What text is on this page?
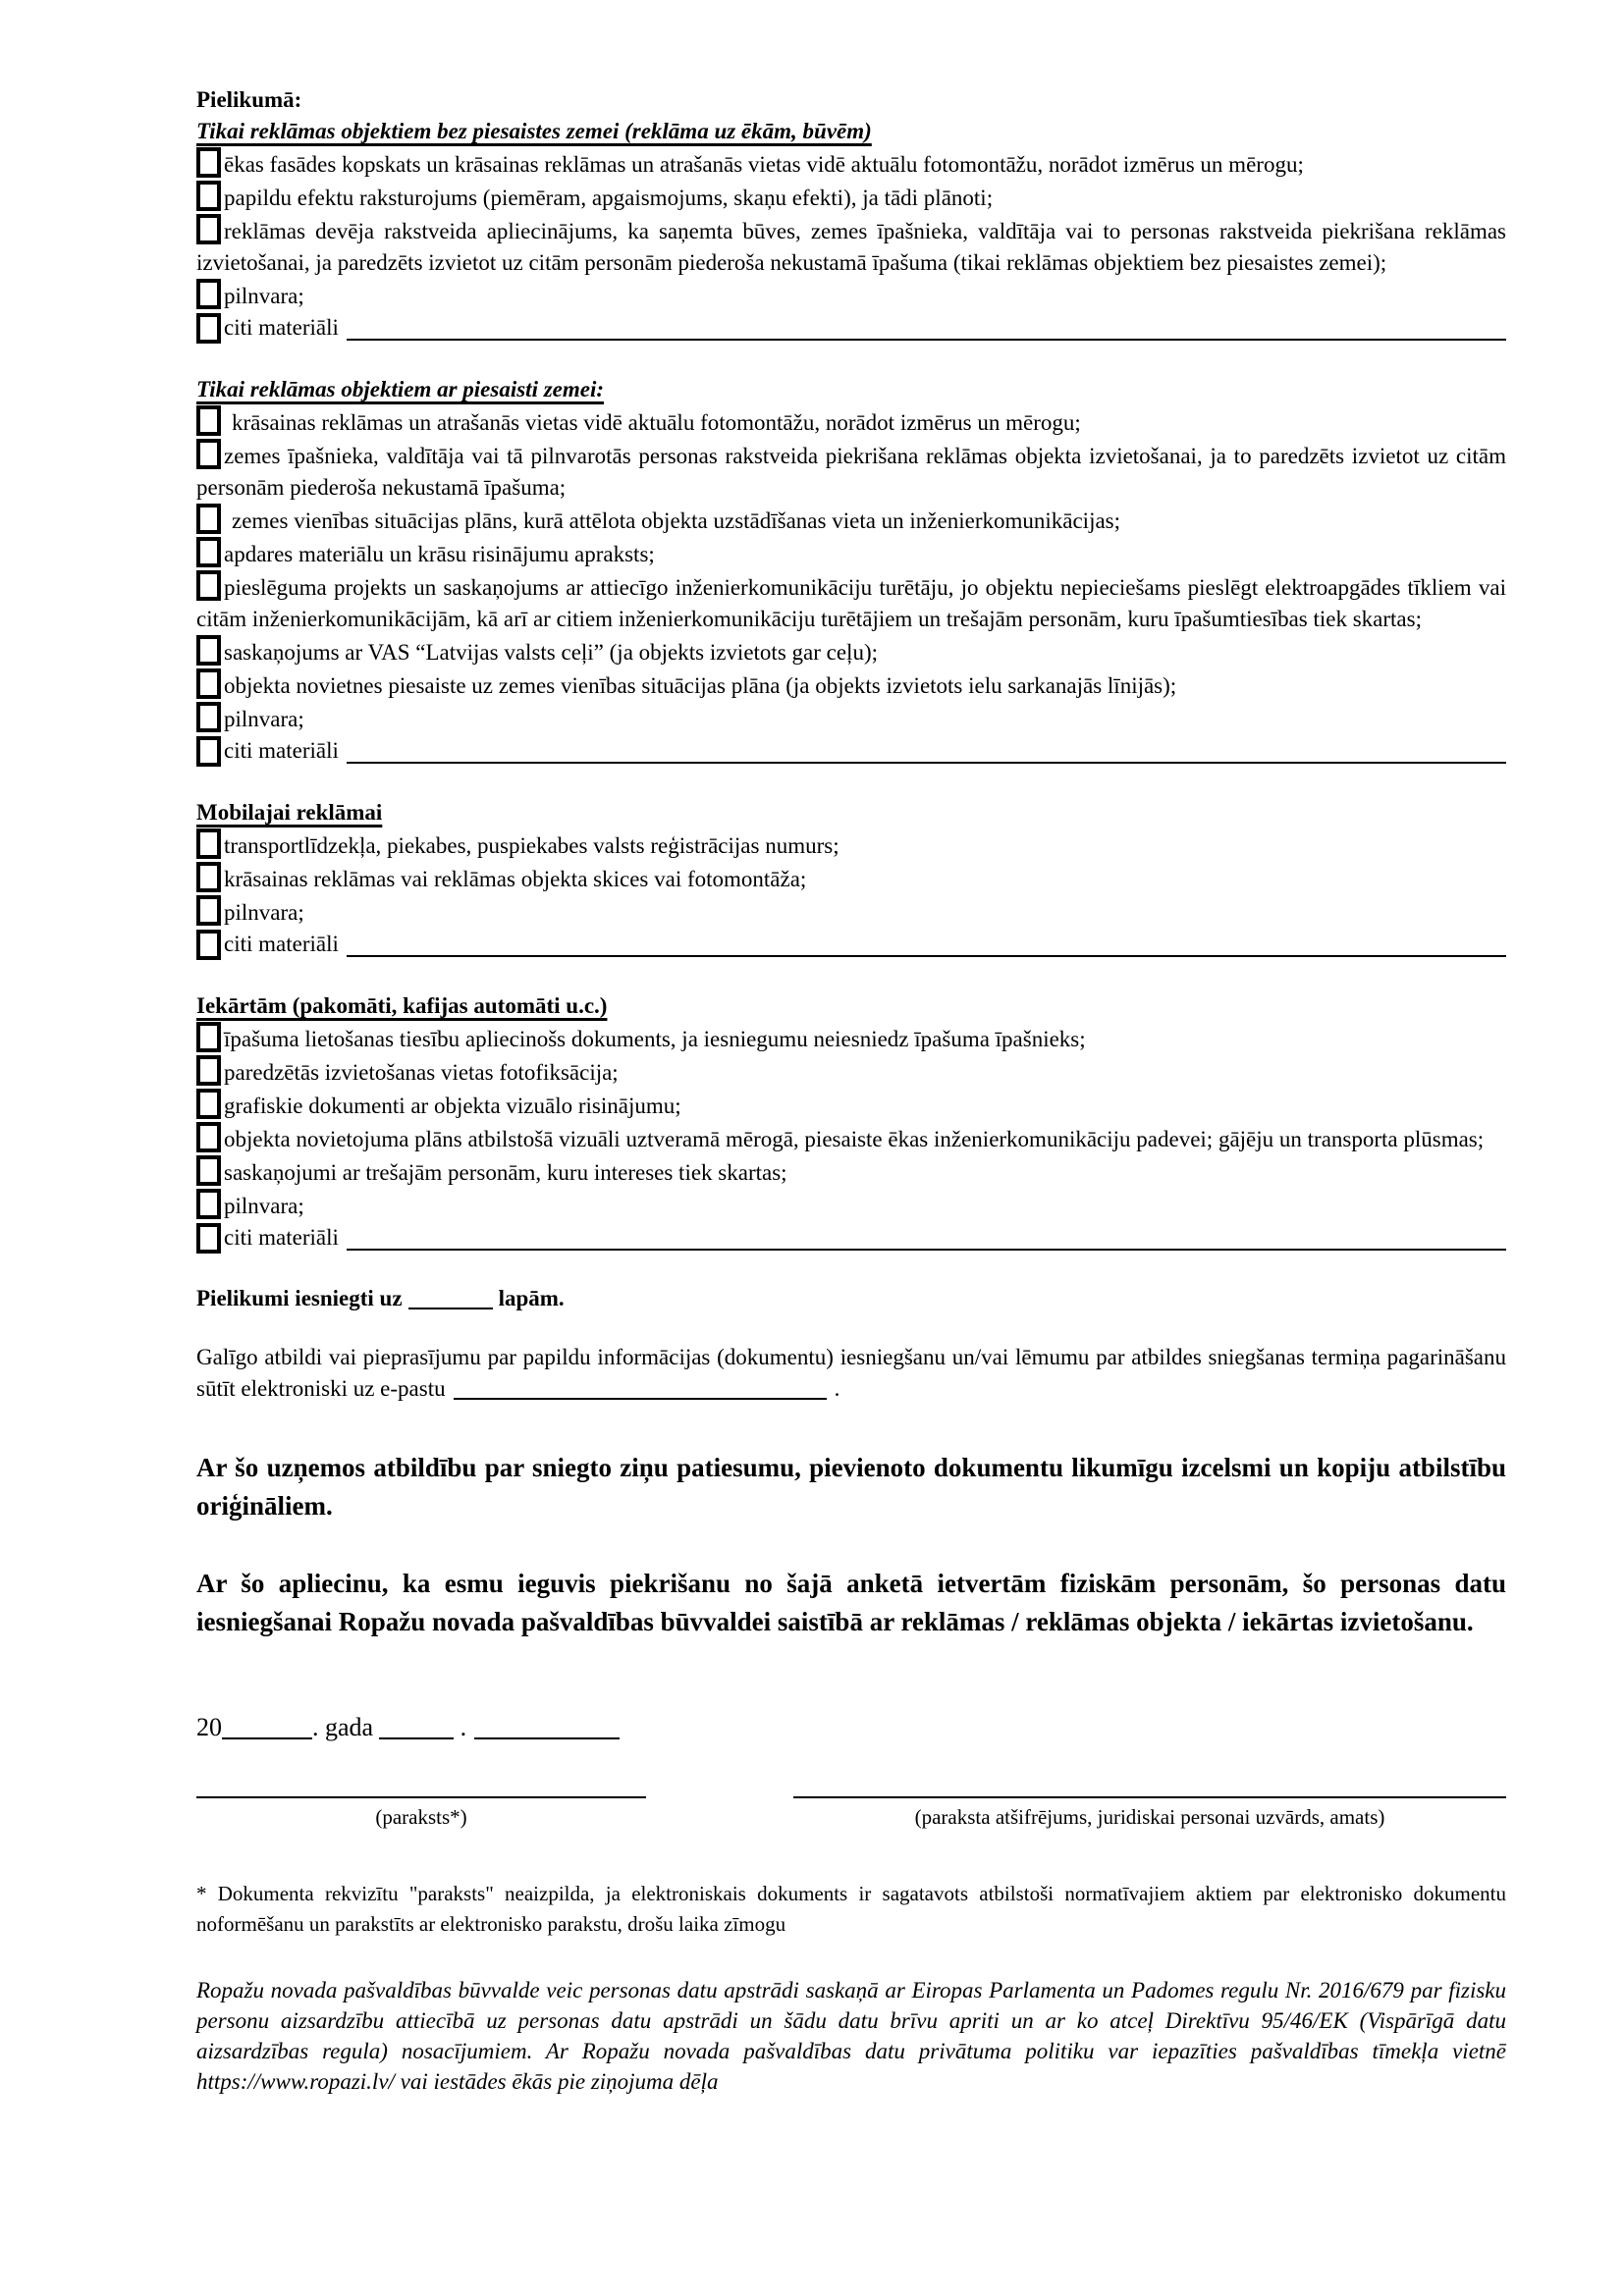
Pielikumā:

Tikai reklāmas objektiem bez piesaistes zemei (reklāma uz ēkām, būvēm)

ēkas fasādes kopskats un krāsainas reklāmas un atrašanās vietas vidē aktuālu fotomontāžu, norādot izmērus un mērogu;
papildu efektu raksturojums (piemēram, apgaismojums, skaņu efekti), ja tādi plānoti;
reklāmas devēja rakstveida apliecinājums, ka saņemta būves, zemes īpašnieka, valdītāja vai to personas rakstveida piekrišana reklāmas izvietošanai, ja paredzēts izvietot uz citām personām piederoša nekustamā īpašuma (tikai reklāmas objektiem bez piesaistes zemei);
pilnvara;
citi materiāli

Tikai reklāmas objektiem ar piesaisti zemei:

krāsainas reklāmas un atrašanās vietas vidē aktuālu fotomontāžu, norādot izmērus un mērogu;
zemes īpašnieka, valdītāja vai tā pilnvarotās personas rakstveida piekrišana reklāmas objekta izvietošanai, ja to paredzēts izvietot uz citām personām piederoša nekustamā īpašuma;
zemes vienības situācijas plāns, kurā attēlota objekta uzstādīšanas vieta un inženierkomunikācijas;
apdares materiālu un krāsu risinājumu apraksts;
pieslēguma projekts un saskaņojums ar attiecīgo inženierkomunikāciju turētāju, jo objektu nepieciešams pieslēgt elektroapgādes tīkliem vai citām inženierkomunikācijām, kā arī ar citiem inženierkomunikāciju turētājiem un trešajām personām, kuru īpašumtiesības tiek skartas;
saskaņojums ar VAS “Latvijas valsts ceļi” (ja objekts izvietots gar ceļu);
objekta novietnes piesaiste uz zemes vienības situācijas plāna (ja objekts izvietots ielu sarkanajās līnijās);
pilnvara;
citi materiāli

Mobilajai reklāmai

transportlīdzekļa, piekabes, puspiekabes valsts reģistrācijas numurs;
krāsainas reklāmas vai reklāmas objekta skices vai fotomontāža;
pilnvara;
citi materiāli

Iekārtām (pakomāti, kafijas automāti u.c.)

īpašuma lietošanas tiesību apliecinošs dokuments, ja iesniegumu neiesniedz īpašuma īpašnieks;
paredzētās izvietošanas vietas fotofiksācija;
grafiskie dokumenti ar objekta vizuālo risinājumu;
objekta novietojuma plāns atbilstošā vizuāli uztveramā mērogā, piesaiste ēkas inženierkomunikāciju padevei; gājēju un transporta plūsmas;
saskaņojumi ar trešajām personām, kuru intereses tiek skartas;
pilnvara;
citi materiāli

Pielikumi iesniegti uz	lapām.

Galīgo atbildi vai pieprasījumu par papildu informācijas (dokumentu) iesniegšanu un/vai lēmumu par atbildes sniegšanas termiņa pagarināšanu sūtīt elektroniski uz e-pastu	.

Ar šo uzņemos atbildību par sniegto ziņu patiesumu, pievienoto dokumentu likumīgu izcelsmi un kopiju atbilstību oriģināliem.

Ar šo apliecinu, ka esmu ieguvis piekrišanu no šajā anketā ietvertām fiziskām personām, šo personas datu iesniegšanai Ropažu novada pašvaldības būvvaldei saistībā ar reklāmas / reklāmas objekta / iekārtas izvietošanu.

20	. gada	.

(paraksts*)	(paraksta atšifrējums, juridiskai personai uzvārds, amats)

* Dokumenta rekvizītu "paraksts" neaizpilda, ja elektroniskais dokuments ir sagatavots atbilstoši normatīvajiem aktiem par elektronisko dokumentu noformēšanu un parakstīts ar elektronisko parakstu, drošu laika zīmogu

Ropažu novada pašvaldības būvvalde veic personas datu apstrādi saskaņā ar Eiropas Parlamenta un Padomes regulu Nr. 2016/679 par fizisku personu aizsardzību attiecībā uz personas datu apstrādi un šādu datu brīvu apriti un ar ko atceļ Direktīvu 95/46/EK (Vispārīgā datu aizsardzības regula) nosacījumiem. Ar Ropažu novada pašvaldības datu privātuma politiku var iepazīties pašvaldības tīmekļa vietnē https://www.ropazi.lv/ vai iestādes ēkās pie ziņojuma dēļa
